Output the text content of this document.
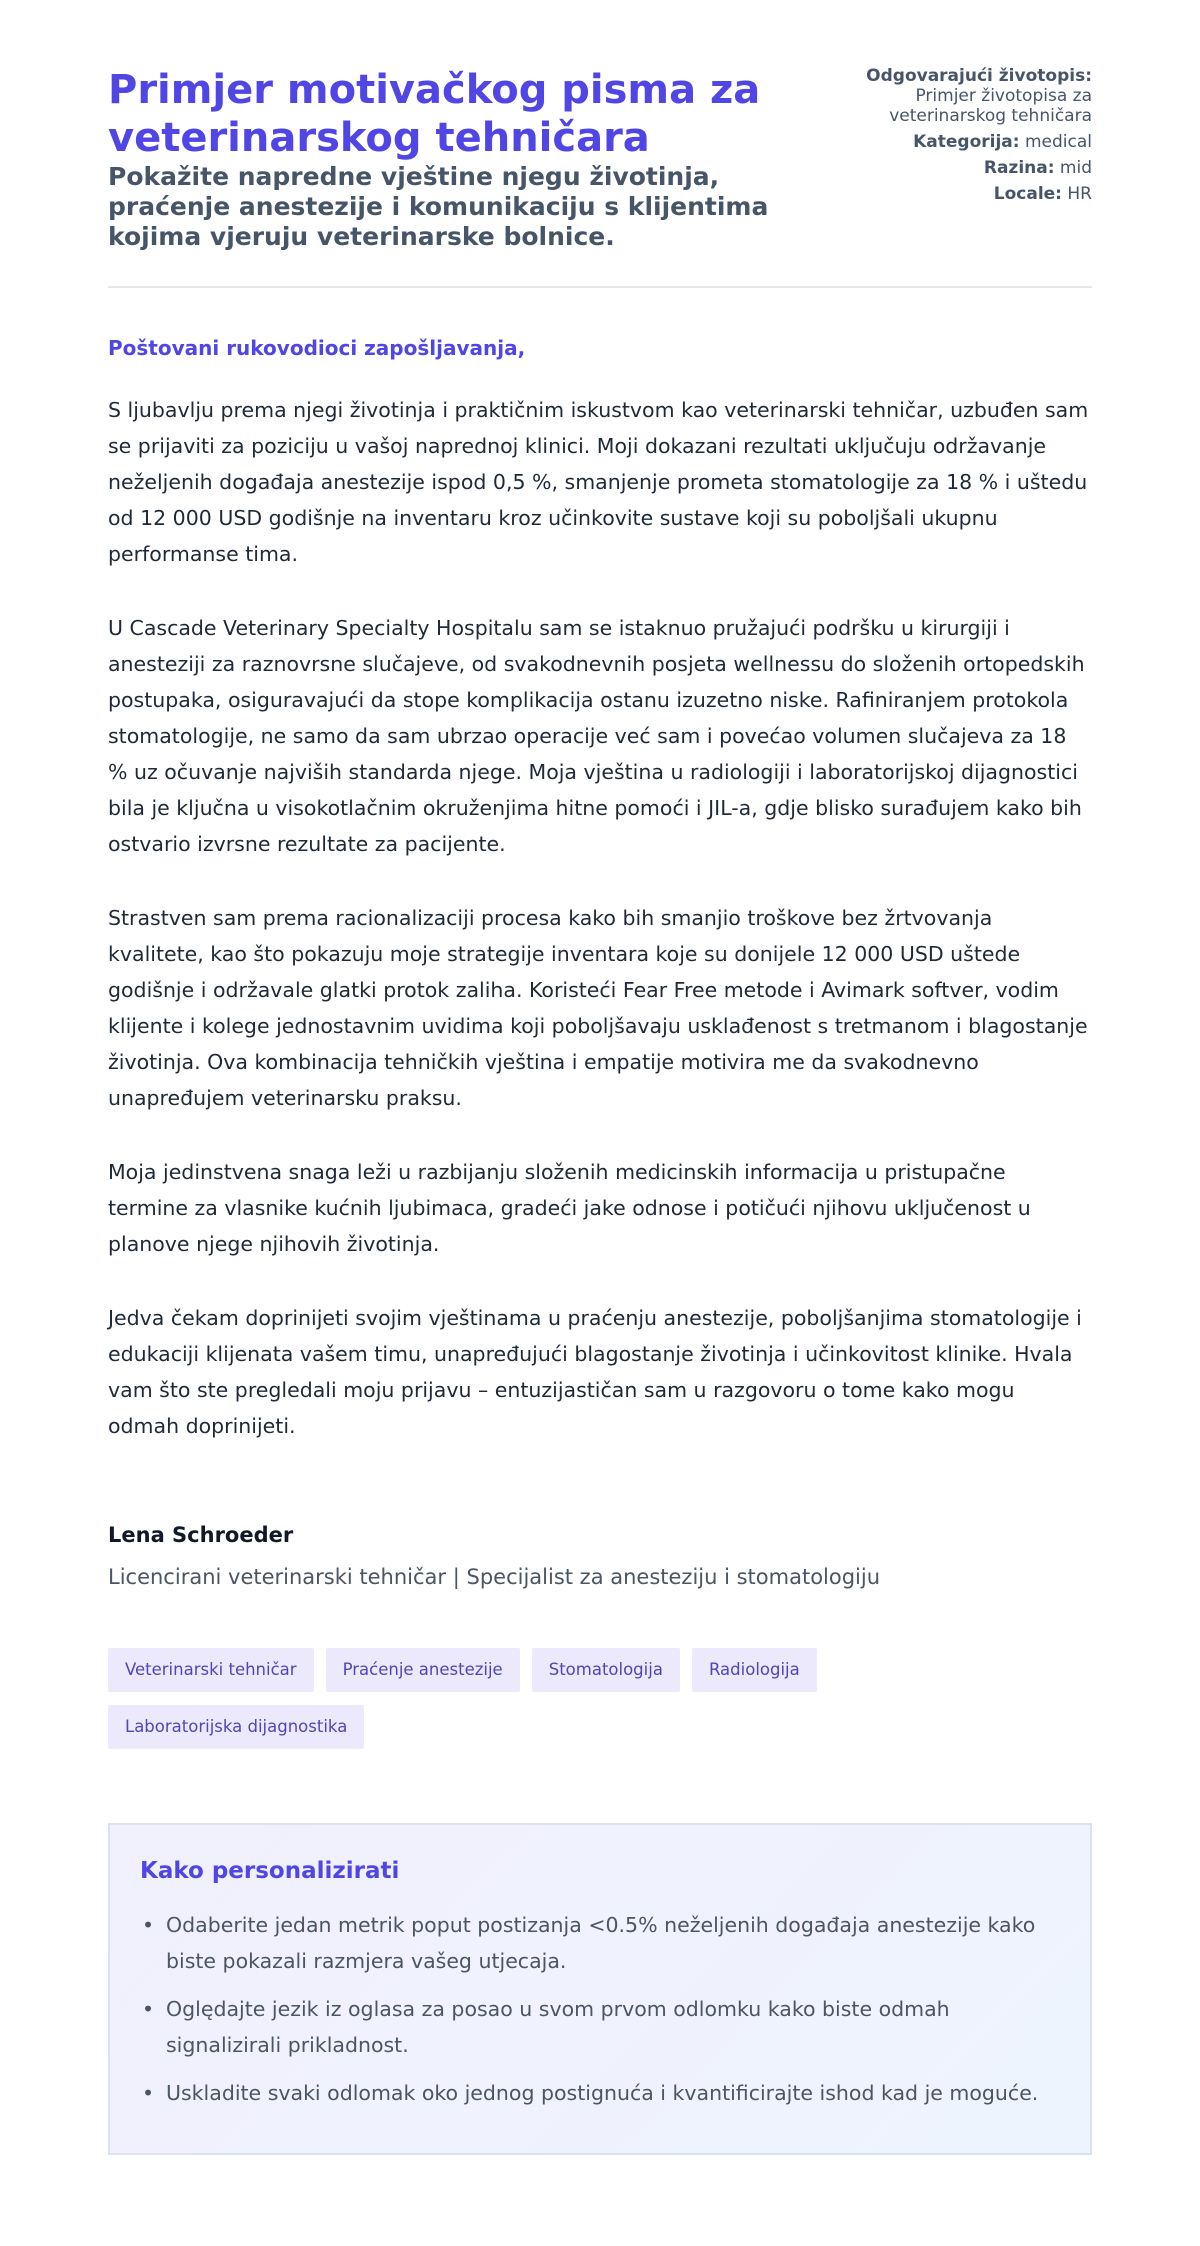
Primjer motivačkog pisma za veterinarskog tehničara
Pokažite napredne vještine njegu životinja, praćenje anestezije i komunikaciju s klijentima kojima vjeruju veterinarske bolnice.
Odgovarajući životopis:
Primjer životopisa za veterinarskog tehničara
Kategorija: medical
Razina: mid
Locale: HR
Poštovani rukovodioci zapošljavanja,

S ljubavlju prema njegi životinja i praktičnim iskustvom kao veterinarski tehničar, uzbuđen sam se prijaviti za poziciju u vašoj naprednoj klinici. Moji dokazani rezultati uključuju održavanje neželjenih događaja anestezije ispod 0,5 %, smanjenje prometa stomatologije za 18 % i uštedu od 12 000 USD godišnje na inventaru kroz učinkovite sustave koji su poboljšali ukupnu performanse tima.

U Cascade Veterinary Specialty Hospitalu sam se istaknuo pružajući podršku u kirurgiji i anesteziji za raznovrsne slučajeve, od svakodnevnih posjeta wellnessu do složenih ortopedskih postupaka, osiguravajući da stope komplikacija ostanu izuzetno niske. Rafiniranjem protokola stomatologije, ne samo da sam ubrzao operacije već sam i povećao volumen slučajeva za 18 % uz očuvanje najviših standarda njege. Moja vještina u radiologiji i laboratorijskoj dijagnostici bila je ključna u visokotlačnim okruženjima hitne pomoći i JIL-a, gdje blisko surađujem kako bih ostvario izvrsne rezultate za pacijente.

Strastven sam prema racionalizaciji procesa kako bih smanjio troškove bez žrtvovanja kvalitete, kao što pokazuju moje strategije inventara koje su donijele 12 000 USD uštede godišnje i održavale glatki protok zaliha. Koristeći Fear Free metode i Avimark softver, vodim klijente i kolege jednostavnim uvidima koji poboljšavaju usklađenost s tretmanom i blagostanje životinja. Ova kombinacija tehničkih vještina i empatije motivira me da svakodnevno unapređujem veterinarsku praksu.

Moja jedinstvena snaga leži u razbijanju složenih medicinskih informacija u pristupačne termine za vlasnike kućnih ljubimaca, gradeći jake odnose i potičući njihovu uključenost u planove njege njihovih životinja.

Jedva čekam doprinijeti svojim vještinama u praćenju anestezije, poboljšanjima stomatologije i edukaciji klijenata vašem timu, unapređujući blagostanje životinja i učinkovitost klinike. Hvala vam što ste pregledali moju prijavu – entuzijastičan sam u razgovoru o tome kako mogu odmah doprinijeti.

Lena Schroeder
Licencirani veterinarski tehničar | Specijalist za anesteziju i stomatologiju
Veterinarski tehničar	Praćenje anestezije	Stomatologija	Radiologija
Laboratorijska dijagnostika
Kako personalizirati
• Odaberite jedan metrik poput postizanja <0.5% neželjenih događaja anestezije kako biste pokazali razmjera vašeg utjecaja.
• Oględajte jezik iz oglasa za posao u svom prvom odlomku kako biste odmah signalizirali prikladnost.
• Uskladite svaki odlomak oko jednog postignuća i kvantificirajte ishod kad je moguće.
